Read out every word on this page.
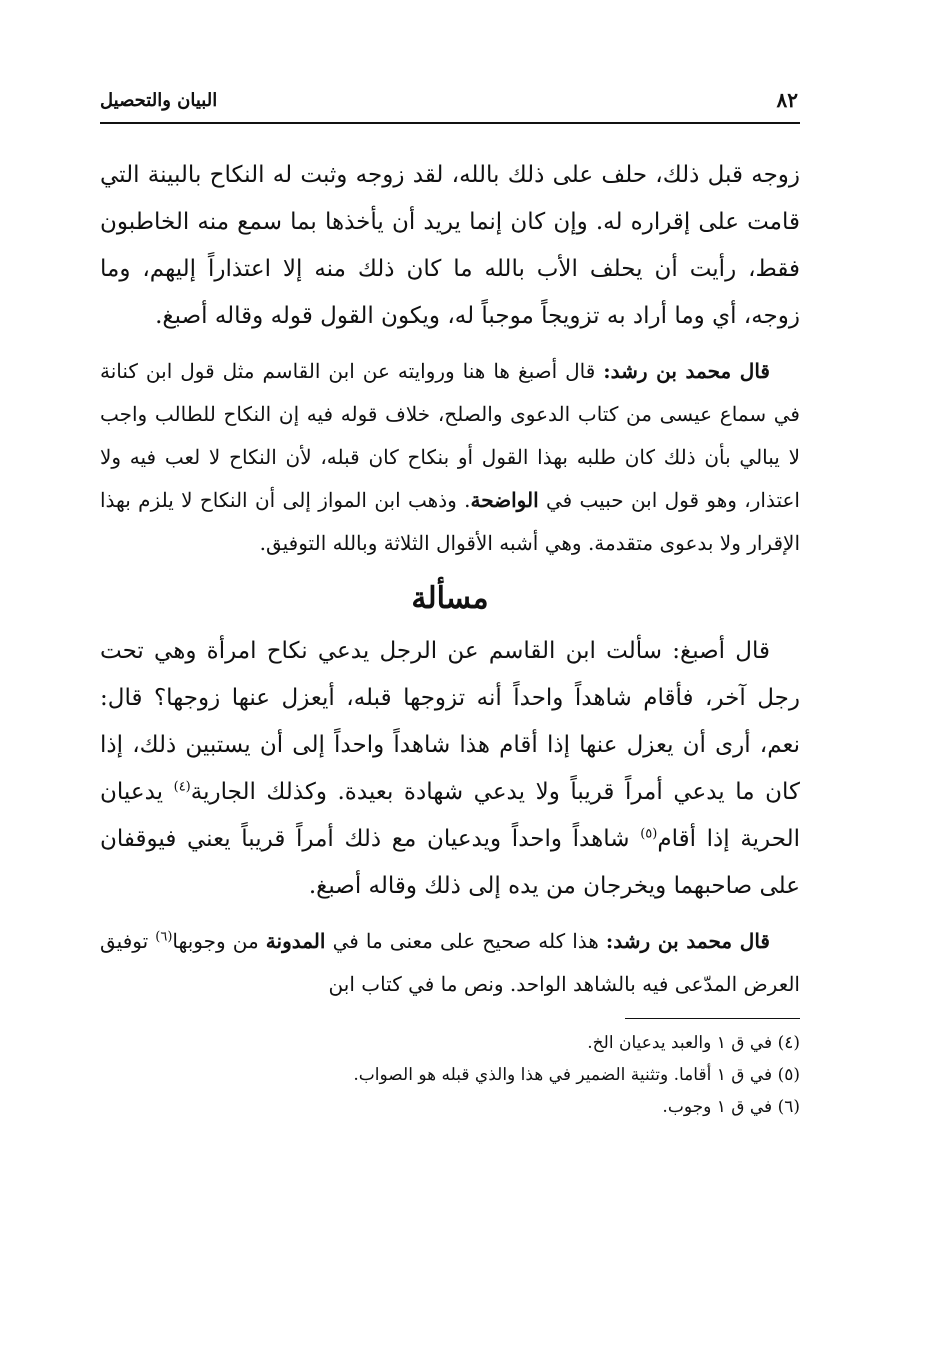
٨٢
البيان والتحصيل

زوجه قبل ذلك، حلف على ذلك بالله، لقد زوجه وثبت له النكاح بالبينة التي قامت على إقراره له. وإن كان إنما يريد أن يأخذها بما سمع منه الخاطبون فقط، رأيت أن يحلف الأب بالله ما كان ذلك منه إلا اعتذاراً إليهم، وما زوجه، أي وما أراد به تزويجاً موجباً له، ويكون القول قوله وقاله أصبغ.

قال محمد بن رشد: قال أصبغ ها هنا وروايته عن ابن القاسم مثل قول ابن كنانة في سماع عيسى من كتاب الدعوى والصلح، خلاف قوله فيه إن النكاح للطالب واجب لا يبالي بأن ذلك كان طلبه بهذا القول أو بنكاح كان قبله، لأن النكاح لا لعب فيه ولا اعتذار، وهو قول ابن حبيب في الواضحة. وذهب ابن المواز إلى أن النكاح لا يلزم بهذا الإقرار ولا بدعوى متقدمة. وهي أشبه الأقوال الثلاثة وبالله التوفيق.

مسألة

قال أصبغ: سألت ابن القاسم عن الرجل يدعي نكاح امرأة وهي تحت رجل آخر، فأقام شاهداً واحداً أنه تزوجها قبله، أيعزل عنها زوجها؟ قال: نعم، أرى أن يعزل عنها إذا أقام هذا شاهداً واحداً إلى أن يستبين ذلك، إذا كان ما يدعي أمراً قريباً ولا يدعي شهادة بعيدة. وكذلك الجارية$^{(٤)}$ يدعيان الحرية إذا أقام$^{(٥)}$ شاهداً واحداً ويدعيان مع ذلك أمراً قريباً يعني فيوقفان على صاحبهما ويخرجان من يده إلى ذلك وقاله أصبغ.

قال محمد بن رشد: هذا كله صحيح على معنى ما في المدونة من وجوبها$^{(٦)}$ توفيق العرض المدّعى فيه بالشاهد الواحد. ونص ما في كتاب ابن

(٤) في ق ١ والعبد يدعيان الخ.

(٥) في ق ١ أقاما. وتثنية الضمير في هذا والذي قبله هو الصواب.

(٦) في ق ١ وجوب.
